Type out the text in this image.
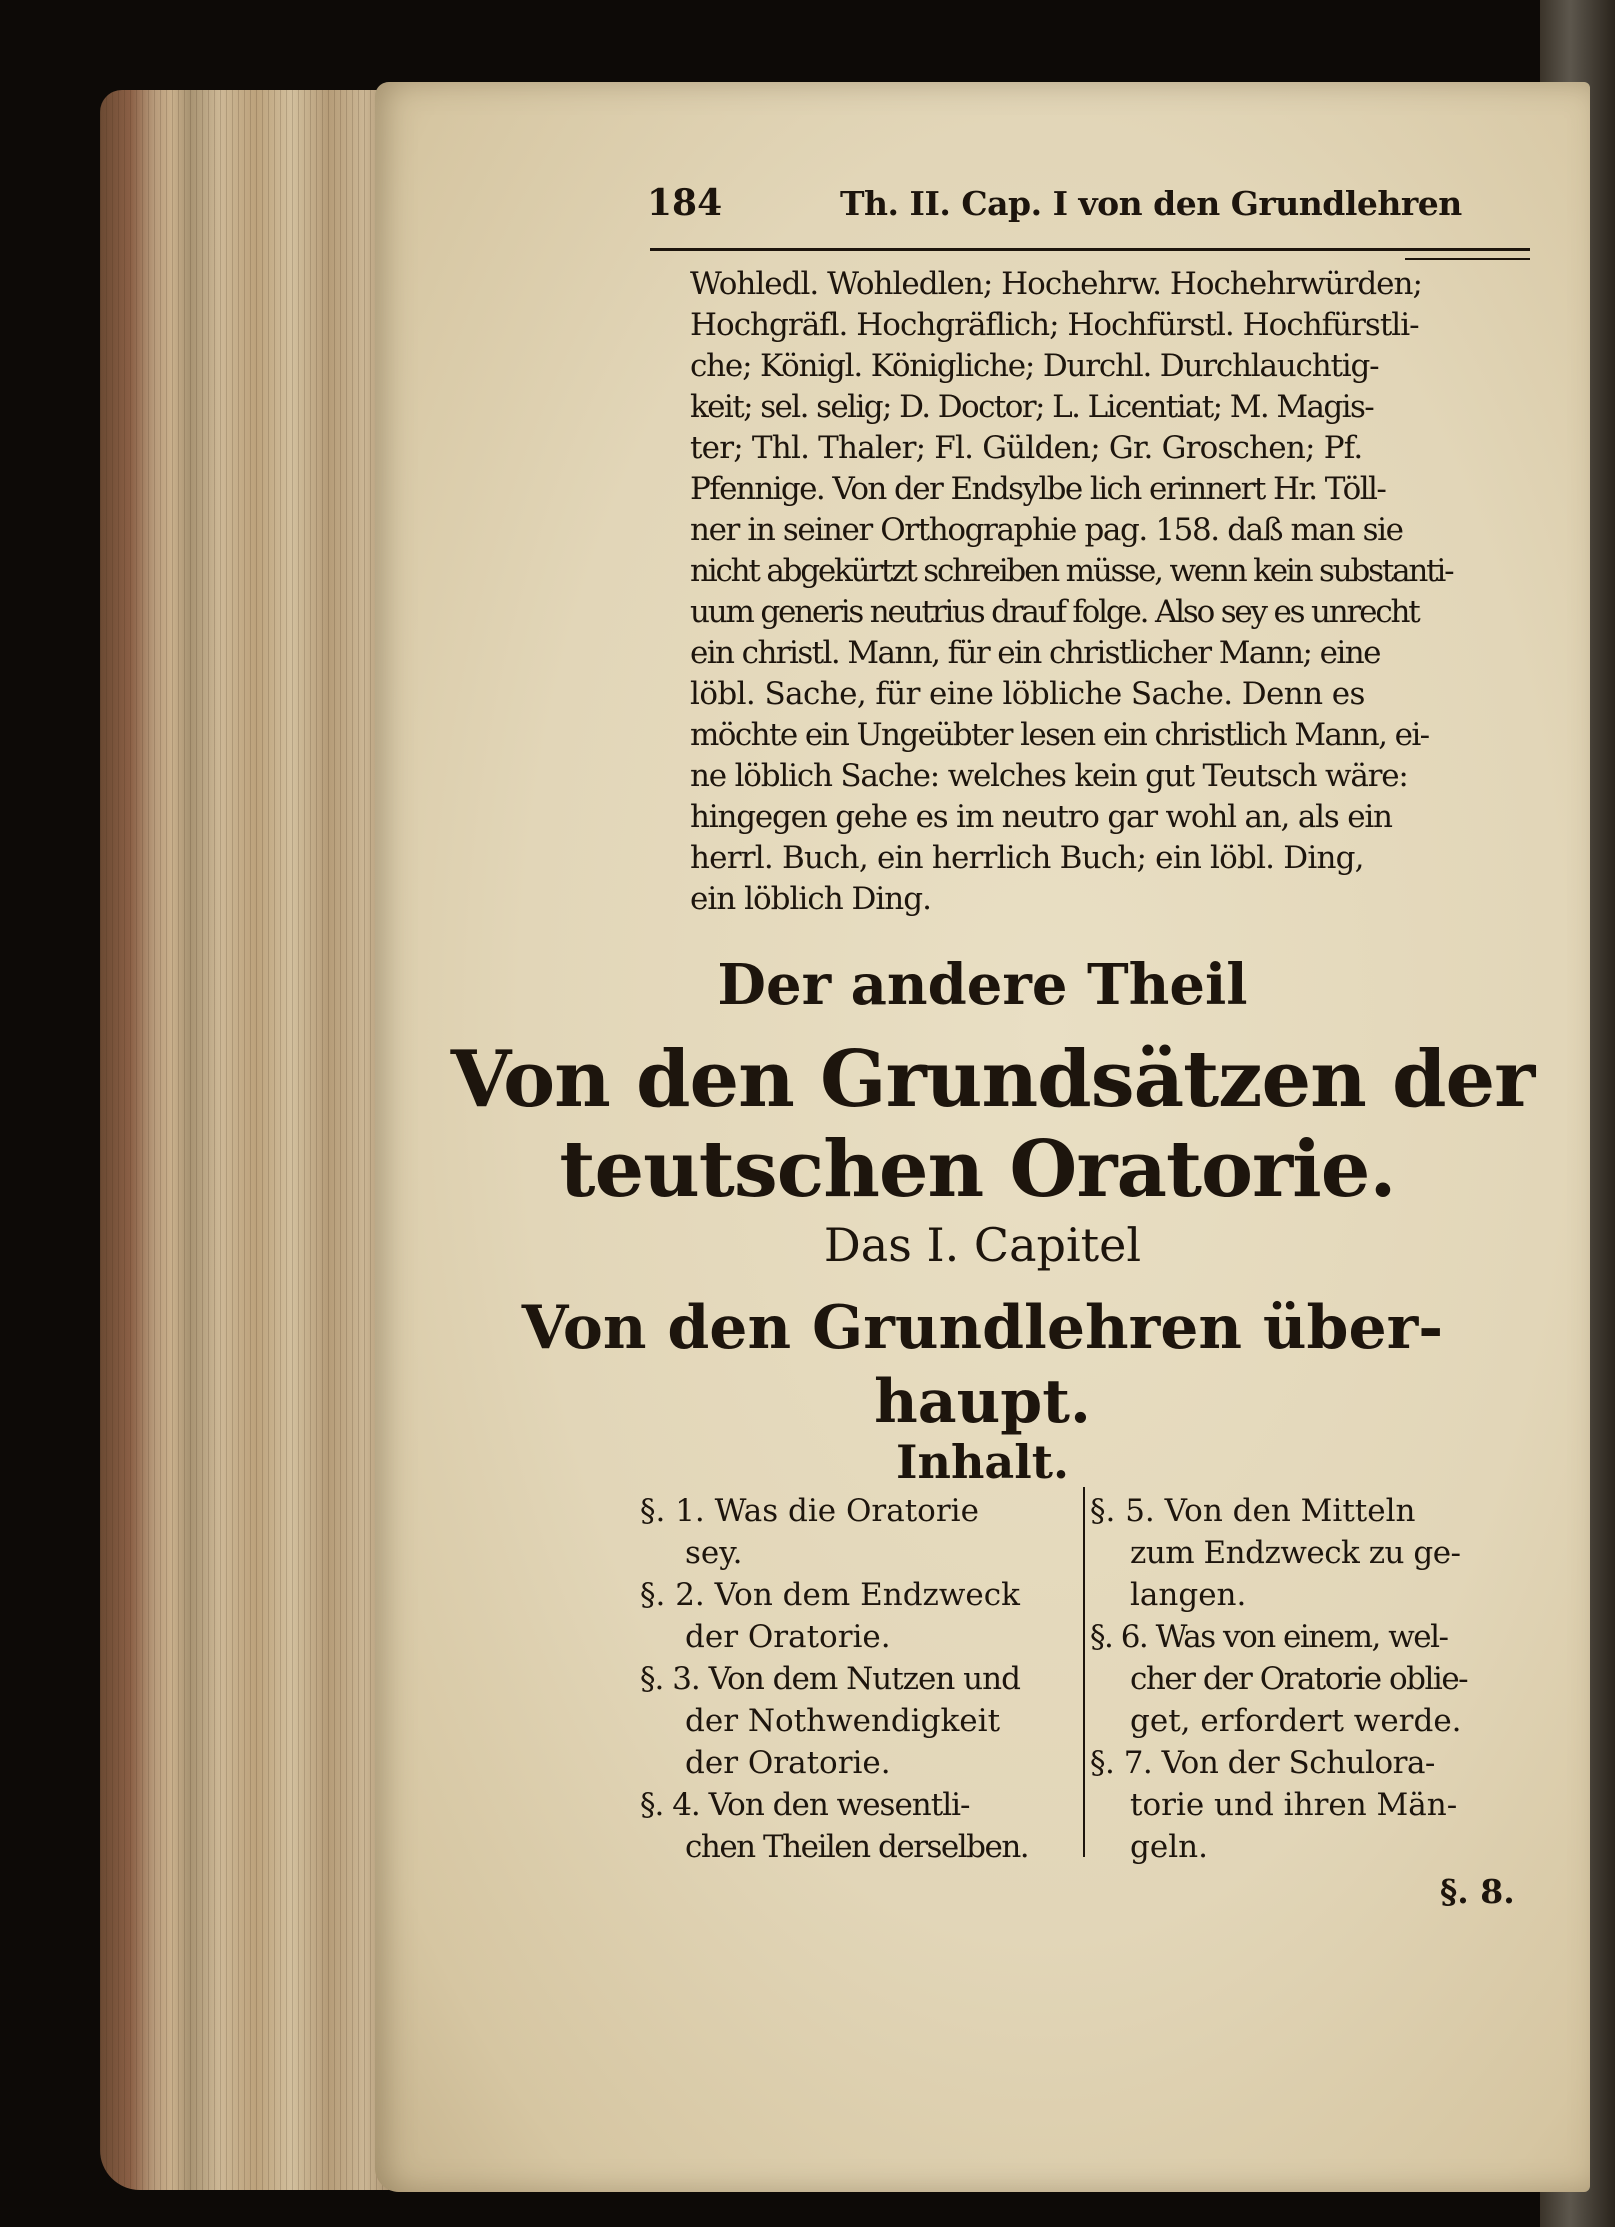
184	Th. II. Cap. I von den Grundlehren

Wohledl. Wohledlen; Hochehrw. Hochehrwürden;

Hochgräfl. Hochgräflich; Hochfürstl. Hochfürstli-

che; Königl. Königliche; Durchl. Durchlauchtig-

keit; sel. selig; D. Doctor; L. Licentiat; M. Magis-

ter; Thl. Thaler; Fl. Gülden; Gr. Groschen; Pf.

Pfennige. Von der Endsylbe lich erinnert Hr. Töll-

ner in seiner Orthographie pag. 158. daß man sie

nicht abgekürtzt schreiben müsse, wenn kein substanti-

uum generis neutrius drauf folge. Also sey es unrecht

ein christl. Mann, für ein christlicher Mann; eine

löbl. Sache, für eine löbliche Sache. Denn es

möchte ein Ungeübter lesen ein christlich Mann, ei-

ne löblich Sache: welches kein gut Teutsch wäre:

hingegen gehe es im neutro gar wohl an, als ein

herrl. Buch, ein herrlich Buch; ein löbl. Ding,

ein löblich Ding.

Der andere Theil

Von den Grundsätzen der

teutschen Oratorie.

Das I. Capitel

Von den Grundlehren über-

haupt.

Inhalt.

§. 1. Was die Oratorie

sey.

§. 2. Von dem Endzweck

der Oratorie.

§. 3. Von dem Nutzen und

der Nothwendigkeit

der Oratorie.

§. 4. Von den wesentli-

chen Theilen derselben.

§. 5. Von den Mitteln

zum Endzweck zu ge-

langen.

§. 6. Was von einem, wel-

cher der Oratorie oblie-

get, erfordert werde.

§. 7. Von der Schulora-

torie und ihren Män-

geln.

§. 8.
